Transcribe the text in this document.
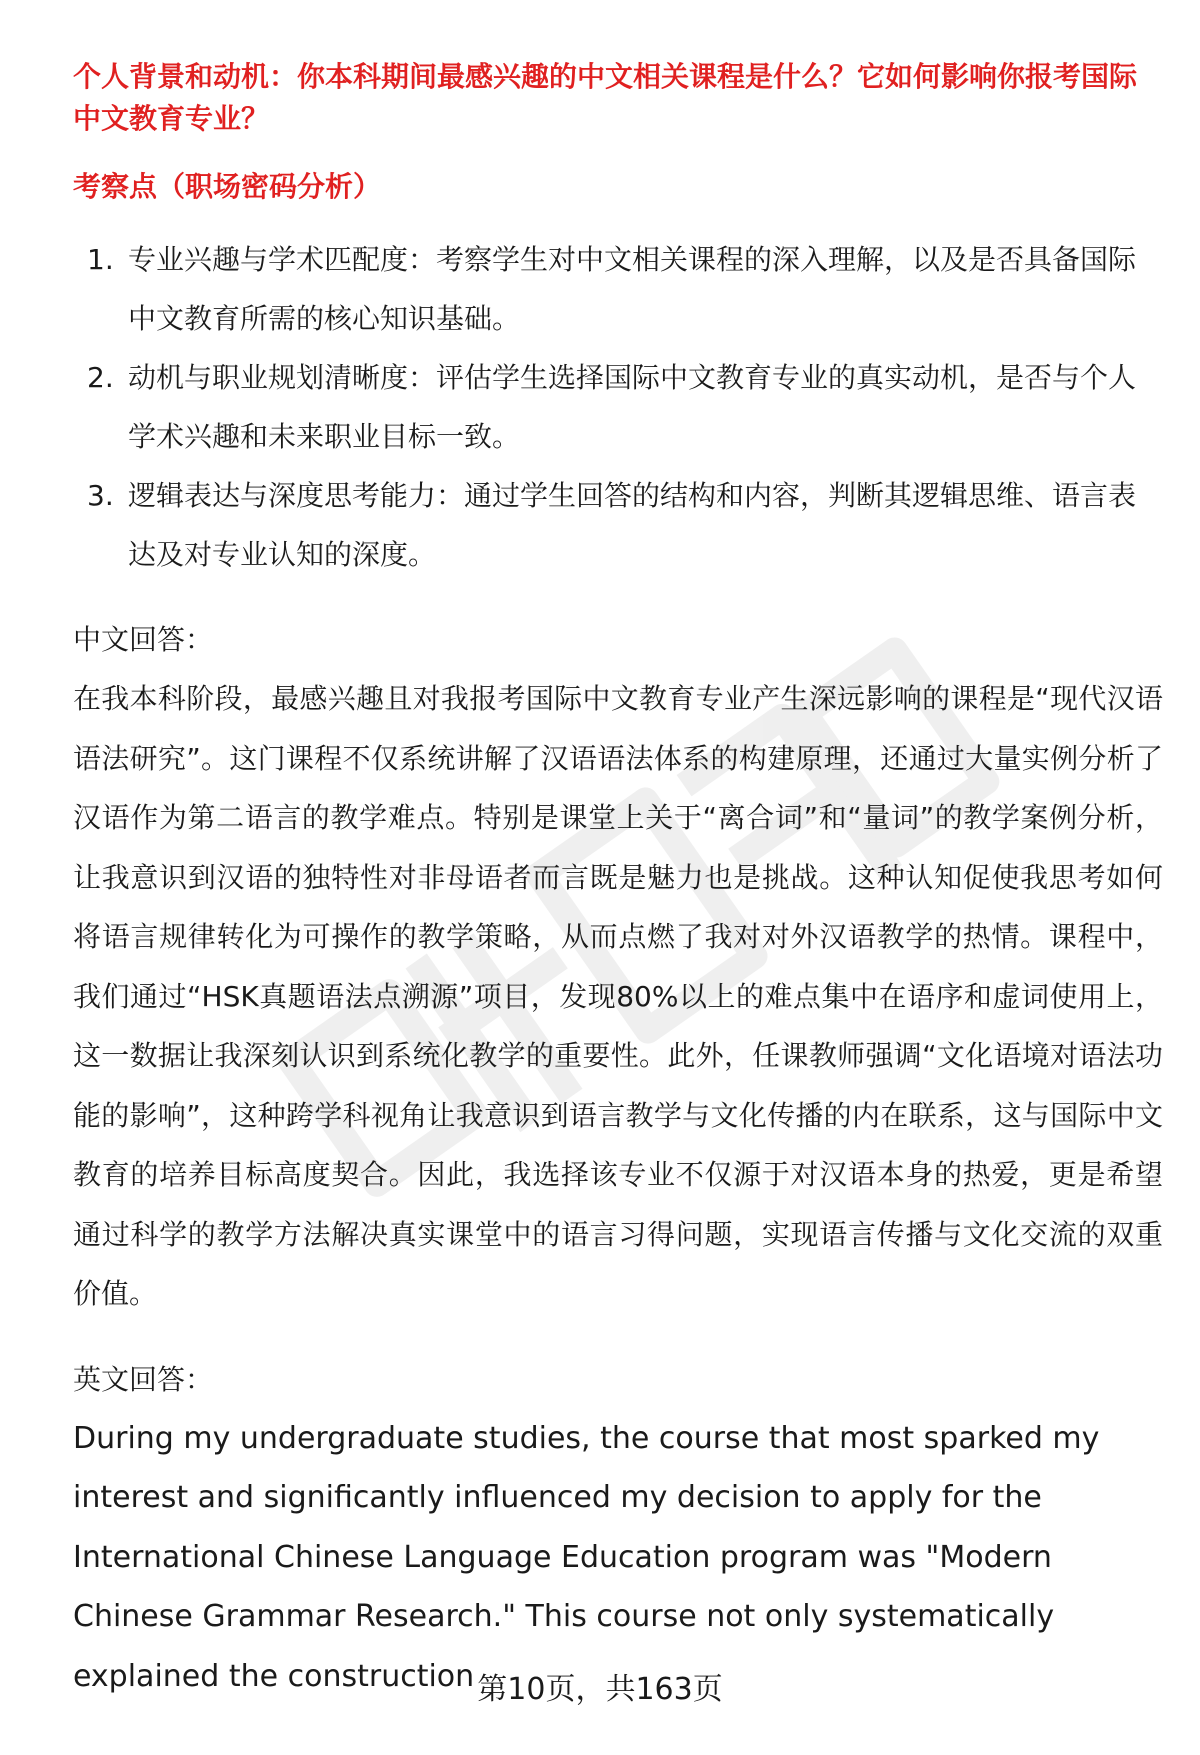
个人背景和动机：你本科期间最感兴趣的中文相关课程是什么？它如何影响你报考国际中文教育专业？

考察点（职场密码分析）

1. 专业兴趣与学术匹配度：考察学生对中文相关课程的深入理解，以及是否具备国际中文教育所需的核心知识基础。
2. 动机与职业规划清晰度：评估学生选择国际中文教育专业的真实动机，是否与个人学术兴趣和未来职业目标一致。
3. 逻辑表达与深度思考能力：通过学生回答的结构和内容，判断其逻辑思维、语言表达及对专业认知的深度。

中文回答：

在我本科阶段，最感兴趣且对我报考国际中文教育专业产生深远影响的课程是“现代汉语语法研究”。这门课程不仅系统讲解了汉语语法体系的构建原理，还通过大量实例分析了汉语作为第二语言的教学难点。特别是课堂上关于“离合词”和“量词”的教学案例分析，让我意识到汉语的独特性对非母语者而言既是魅力也是挑战。这种认知促使我思考如何将语言规律转化为可操作的教学策略，从而点燃了我对对外汉语教学的热情。课程中，我们通过“HSK真题语法点溯源”项目，发现80%以上的难点集中在语序和虚词使用上，这一数据让我深刻认识到系统化教学的重要性。此外，任课教师强调“文化语境对语法功能的影响”，这种跨学科视角让我意识到语言教学与文化传播的内在联系，这与国际中文教育的培养目标高度契合。因此，我选择该专业不仅源于对汉语本身的热爱，更是希望通过科学的教学方法解决真实课堂中的语言习得问题，实现语言传播与文化交流的双重价值。

英文回答：

During my undergraduate studies, the course that most sparked my interest and significantly influenced my decision to apply for the International Chinese Language Education program was "Modern Chinese Grammar Research." This course not only systematically explained the construction 第10页，共163页
